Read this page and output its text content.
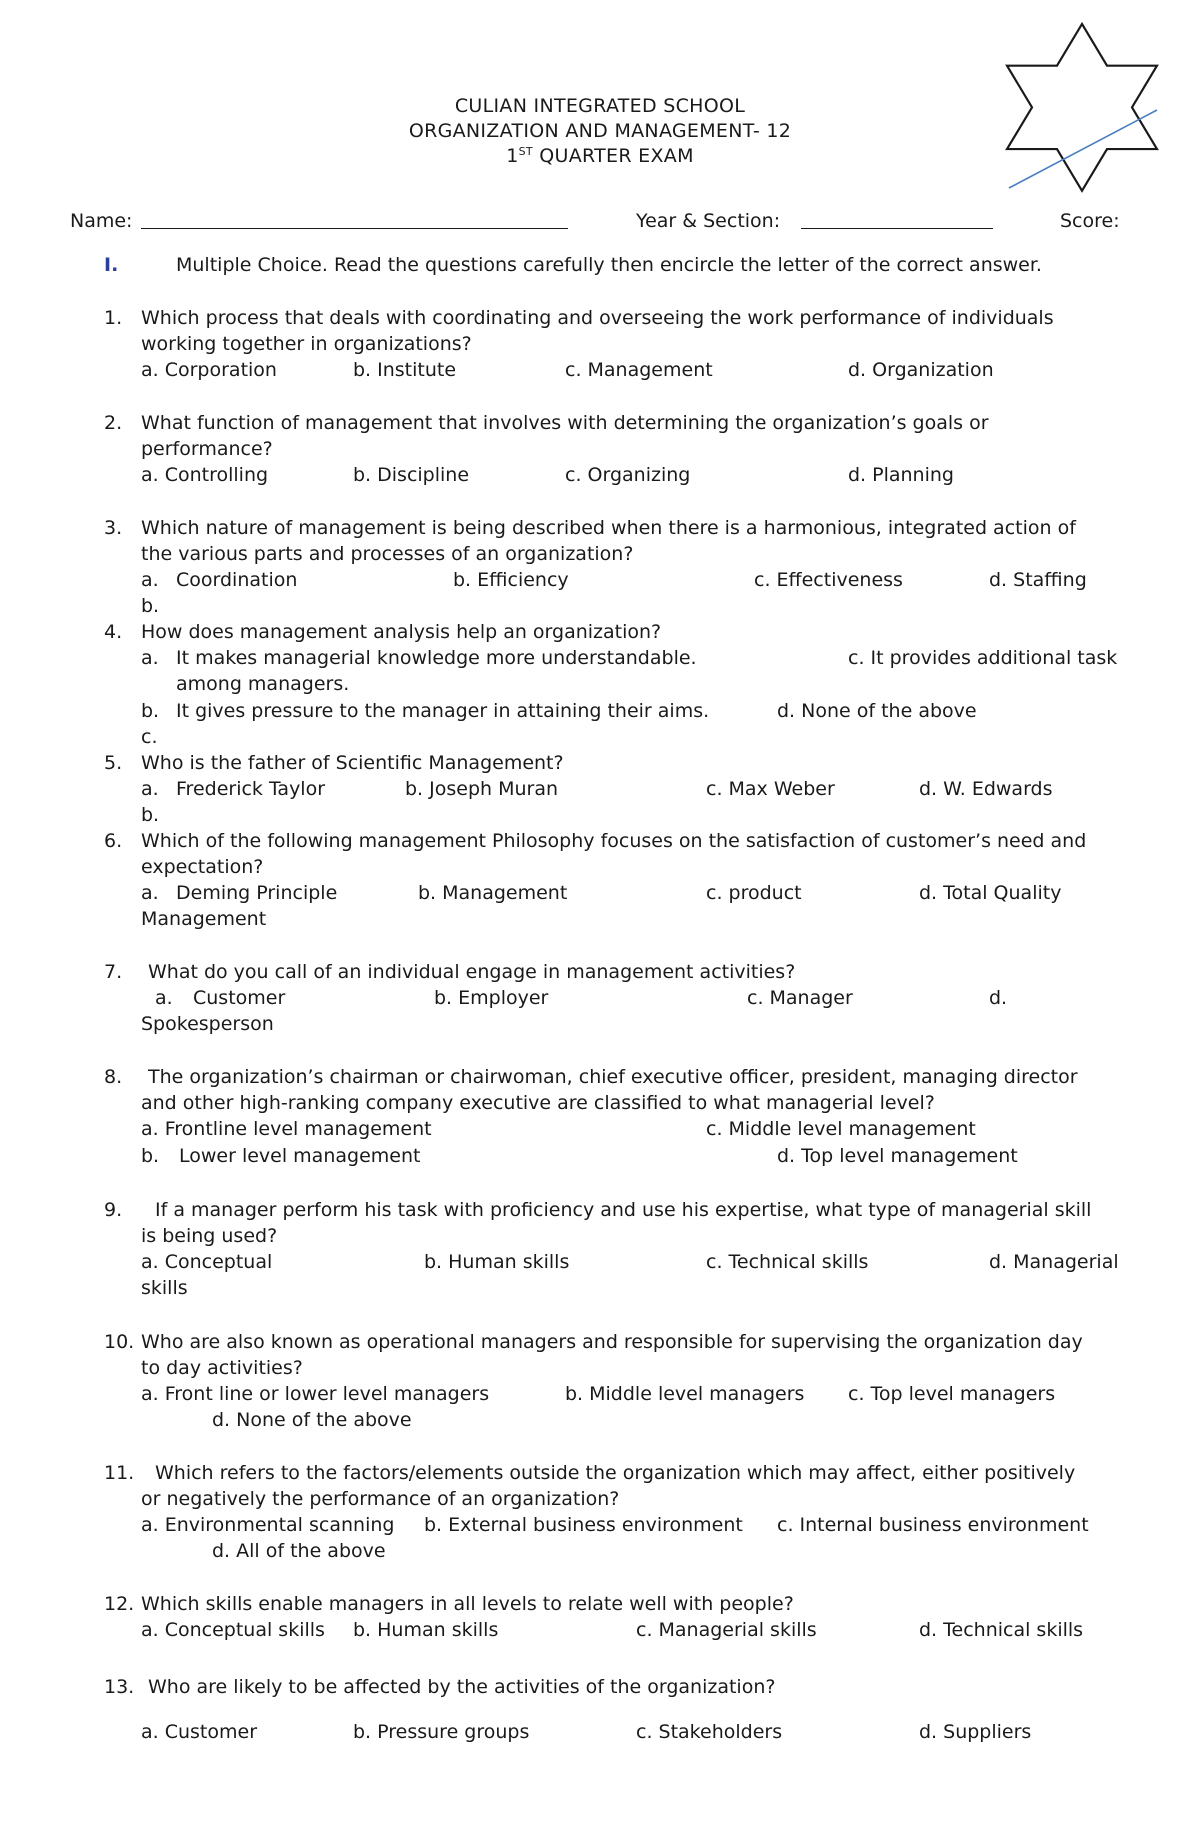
CULIAN INTEGRATED SCHOOL
ORGANIZATION AND MANAGEMENT- 12
1ST QUARTER EXAM
Name:	Year & Section:	Score:
I.	Multiple Choice. Read the questions carefully then encircle the letter of the correct answer.
1. Which process that deals with coordinating and overseeing the work performance of individuals
working together in organizations?
a. Corporation	b. Institute	c. Management	d. Organization
2. What function of management that involves with determining the organization’s goals or
performance?
a. Controlling	b. Discipline	c. Organizing	d. Planning
3. Which nature of management is being described when there is a harmonious, integrated action of
the various parts and processes of an organization?
a. Coordination	b. Efficiency	c. Effectiveness	d. Staffing
b.
4. How does management analysis help an organization?
a. It makes managerial knowledge more understandable.	c. It provides additional task
among managers.
b. It gives pressure to the manager in attaining their aims.	d. None of the above
c.
5. Who is the father of Scientific Management?
a. Frederick Taylor	b. Joseph Muran	c. Max Weber	d. W. Edwards
b.
6. Which of the following management Philosophy focuses on the satisfaction of customer’s need and
expectation?
a. Deming Principle	b. Management	c. product	d. Total Quality
Management
7. What do you call of an individual engage in management activities?
a. Customer	b. Employer	c. Manager	d.
Spokesperson
8. The organization’s chairman or chairwoman, chief executive officer, president, managing director
and other high-ranking company executive are classified to what managerial level?
a. Frontline level management	c. Middle level management
b. Lower level management	d. Top level management
9. If a manager perform his task with proficiency and use his expertise, what type of managerial skill
is being used?
a. Conceptual	b. Human skills	c. Technical skills	d. Managerial
skills
10. Who are also known as operational managers and responsible for supervising the organization day
to day activities?
a. Front line or lower level managers	b. Middle level managers c. Top level managers
d. None of the above
11. Which refers to the factors/elements outside the organization which may affect, either positively
or negatively the performance of an organization?
a. Environmental scanning b. External business environment c. Internal business environment
d. All of the above
12. Which skills enable managers in all levels to relate well with people?
a. Conceptual skills b. Human skills	c. Managerial skills	d. Technical skills
13. Who are likely to be affected by the activities of the organization?
a. Customer	b. Pressure groups	c. Stakeholders	d. Suppliers
